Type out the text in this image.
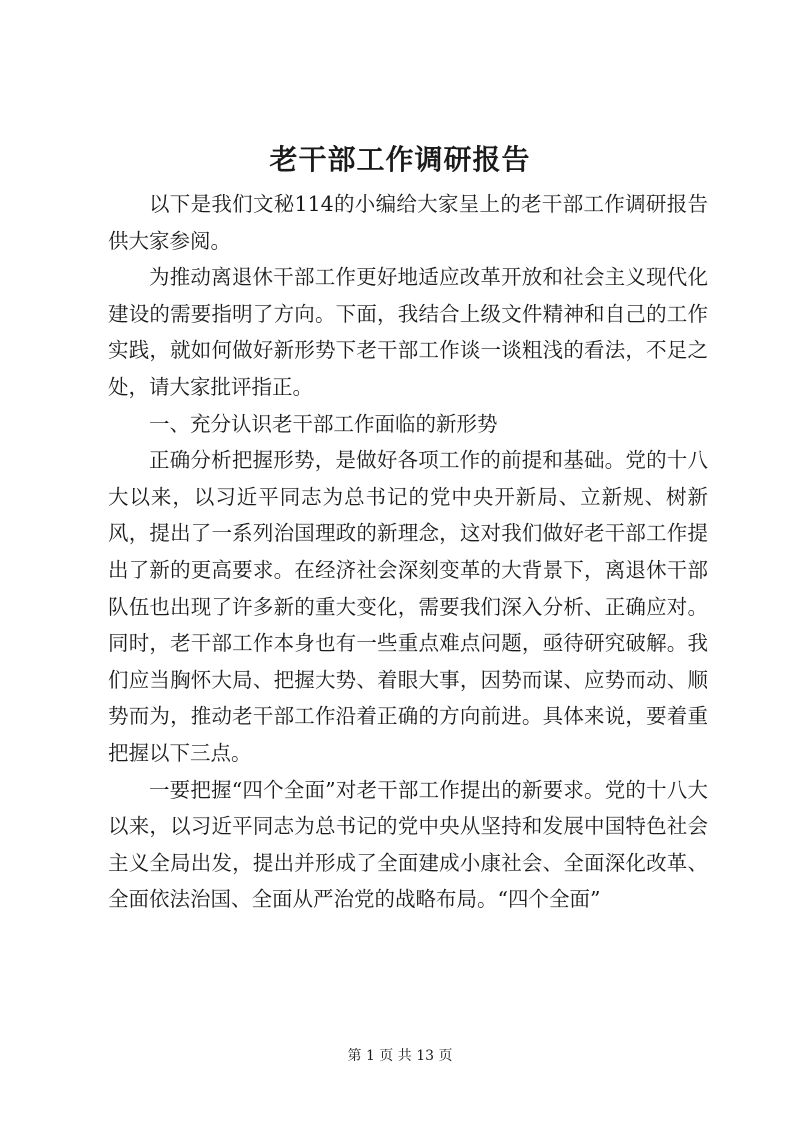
老干部工作调研报告

以下是我们文秘114的小编给大家呈上的老干部工作调研报告供大家参阅。

为推动离退休干部工作更好地适应改革开放和社会主义现代化建设的需要指明了方向。下面，我结合上级文件精神和自己的工作实践，就如何做好新形势下老干部工作谈一谈粗浅的看法，不足之处，请大家批评指正。

一、充分认识老干部工作面临的新形势

正确分析把握形势，是做好各项工作的前提和基础。党的十八大以来，以习近平同志为总书记的党中央开新局、立新规、树新风，提出了一系列治国理政的新理念，这对我们做好老干部工作提出了新的更高要求。在经济社会深刻变革的大背景下，离退休干部队伍也出现了许多新的重大变化，需要我们深入分析、正确应对。同时，老干部工作本身也有一些重点难点问题，亟待研究破解。我们应当胸怀大局、把握大势、着眼大事，因势而谋、应势而动、顺势而为，推动老干部工作沿着正确的方向前进。具体来说，要着重把握以下三点。

一要把握“四个全面”对老干部工作提出的新要求。党的十八大以来，以习近平同志为总书记的党中央从坚持和发展中国特色社会主义全局出发，提出并形成了全面建成小康社会、全面深化改革、全面依法治国、全面从严治党的战略布局。“四个全面”

第 1 页 共 13 页
